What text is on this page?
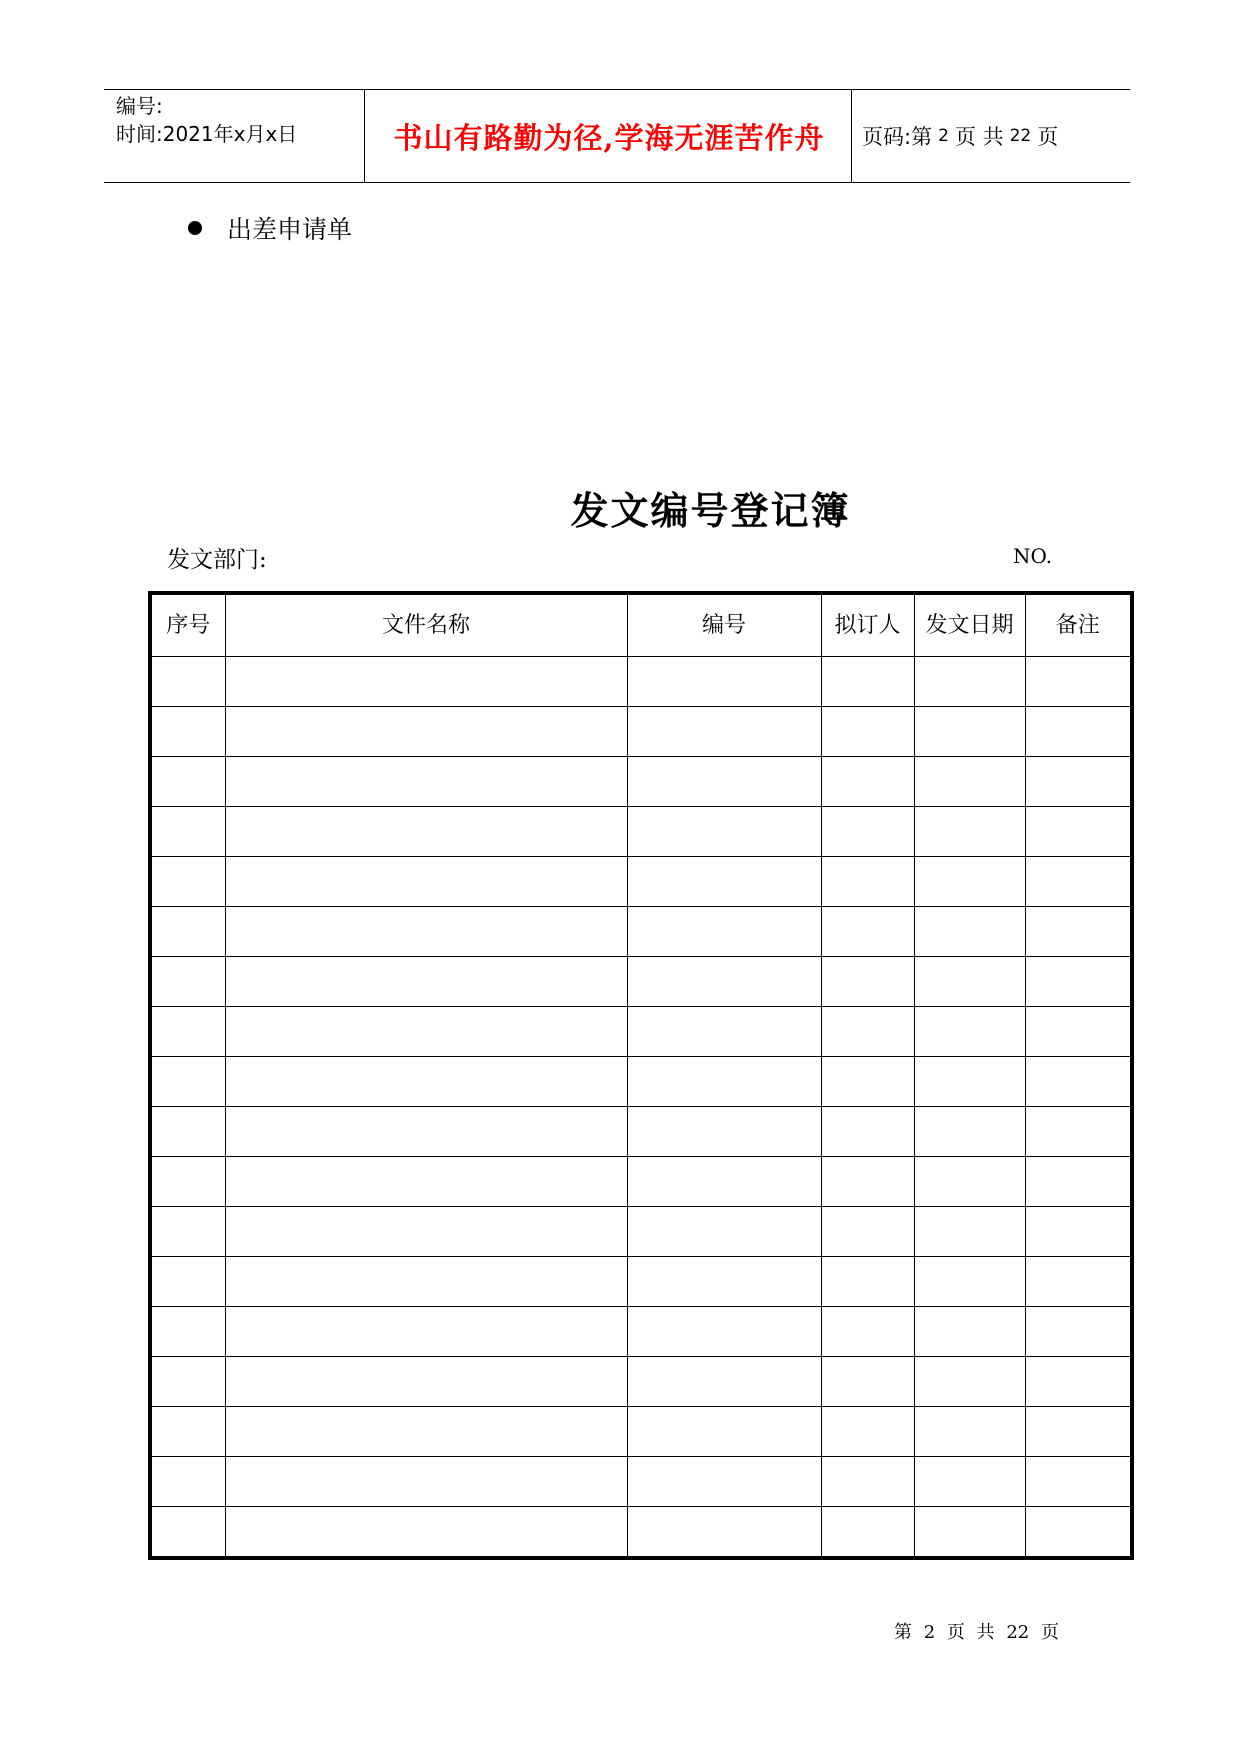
编号:
时间:2021年x月x日	书山有路勤为径,学海无涯苦作舟	页码:第 2 页 共 22 页
出差申请单
发文编号登记簿
发文部门:	NO.
序号	文件名称	编号	拟订人	发文日期	备注

第 2 页 共 22 页
